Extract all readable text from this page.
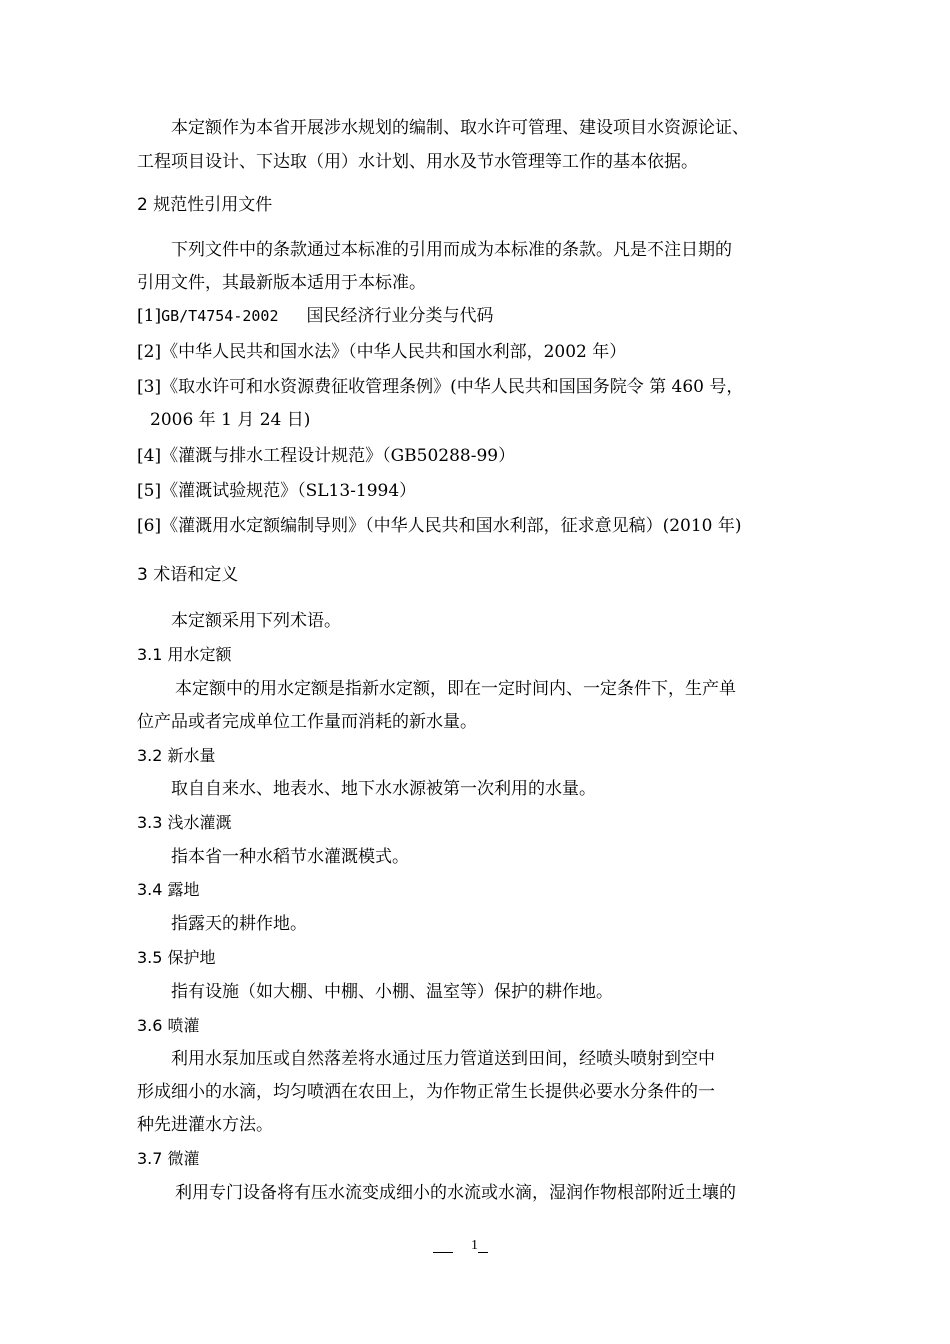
本定额作为本省开展涉水规划的编制、取水许可管理、建设项目水资源论证、
工程项目设计、下达取（用）水计划、用水及节水管理等工作的基本依据。
2 规范性引用文件
下列文件中的条款通过本标准的引用而成为本标准的条款。凡是不注日期的
引用文件，其最新版本适用于本标准。
[1]GB/T4754-2002 国民经济行业分类与代码
[2]《中华人民共和国水法》（中华人民共和国水利部，2002 年）
[3]《取水许可和水资源费征收管理条例》(中华人民共和国国务院令 第 460 号，
2006 年 1 月 24 日)
[4]《灌溉与排水工程设计规范》（GB50288-99）
[5]《灌溉试验规范》（SL13-1994）
[6]《灌溉用水定额编制导则》（中华人民共和国水利部，征求意见稿）(2010 年)
3 术语和定义
本定额采用下列术语。
3.1 用水定额
本定额中的用水定额是指新水定额，即在一定时间内、一定条件下，生产单
位产品或者完成单位工作量而消耗的新水量。
3.2 新水量
取自自来水、地表水、地下水水源被第一次利用的水量。
3.3 浅水灌溉
指本省一种水稻节水灌溉模式。
3.4 露地
指露天的耕作地。
3.5 保护地
指有设施（如大棚、中棚、小棚、温室等）保护的耕作地。
3.6 喷灌
利用水泵加压或自然落差将水通过压力管道送到田间，经喷头喷射到空中
形成细小的水滴，均匀喷洒在农田上，为作物正常生长提供必要水分条件的一
种先进灌水方法。
3.7 微灌
利用专门设备将有压水流变成细小的水流或水滴，湿润作物根部附近土壤的
1
